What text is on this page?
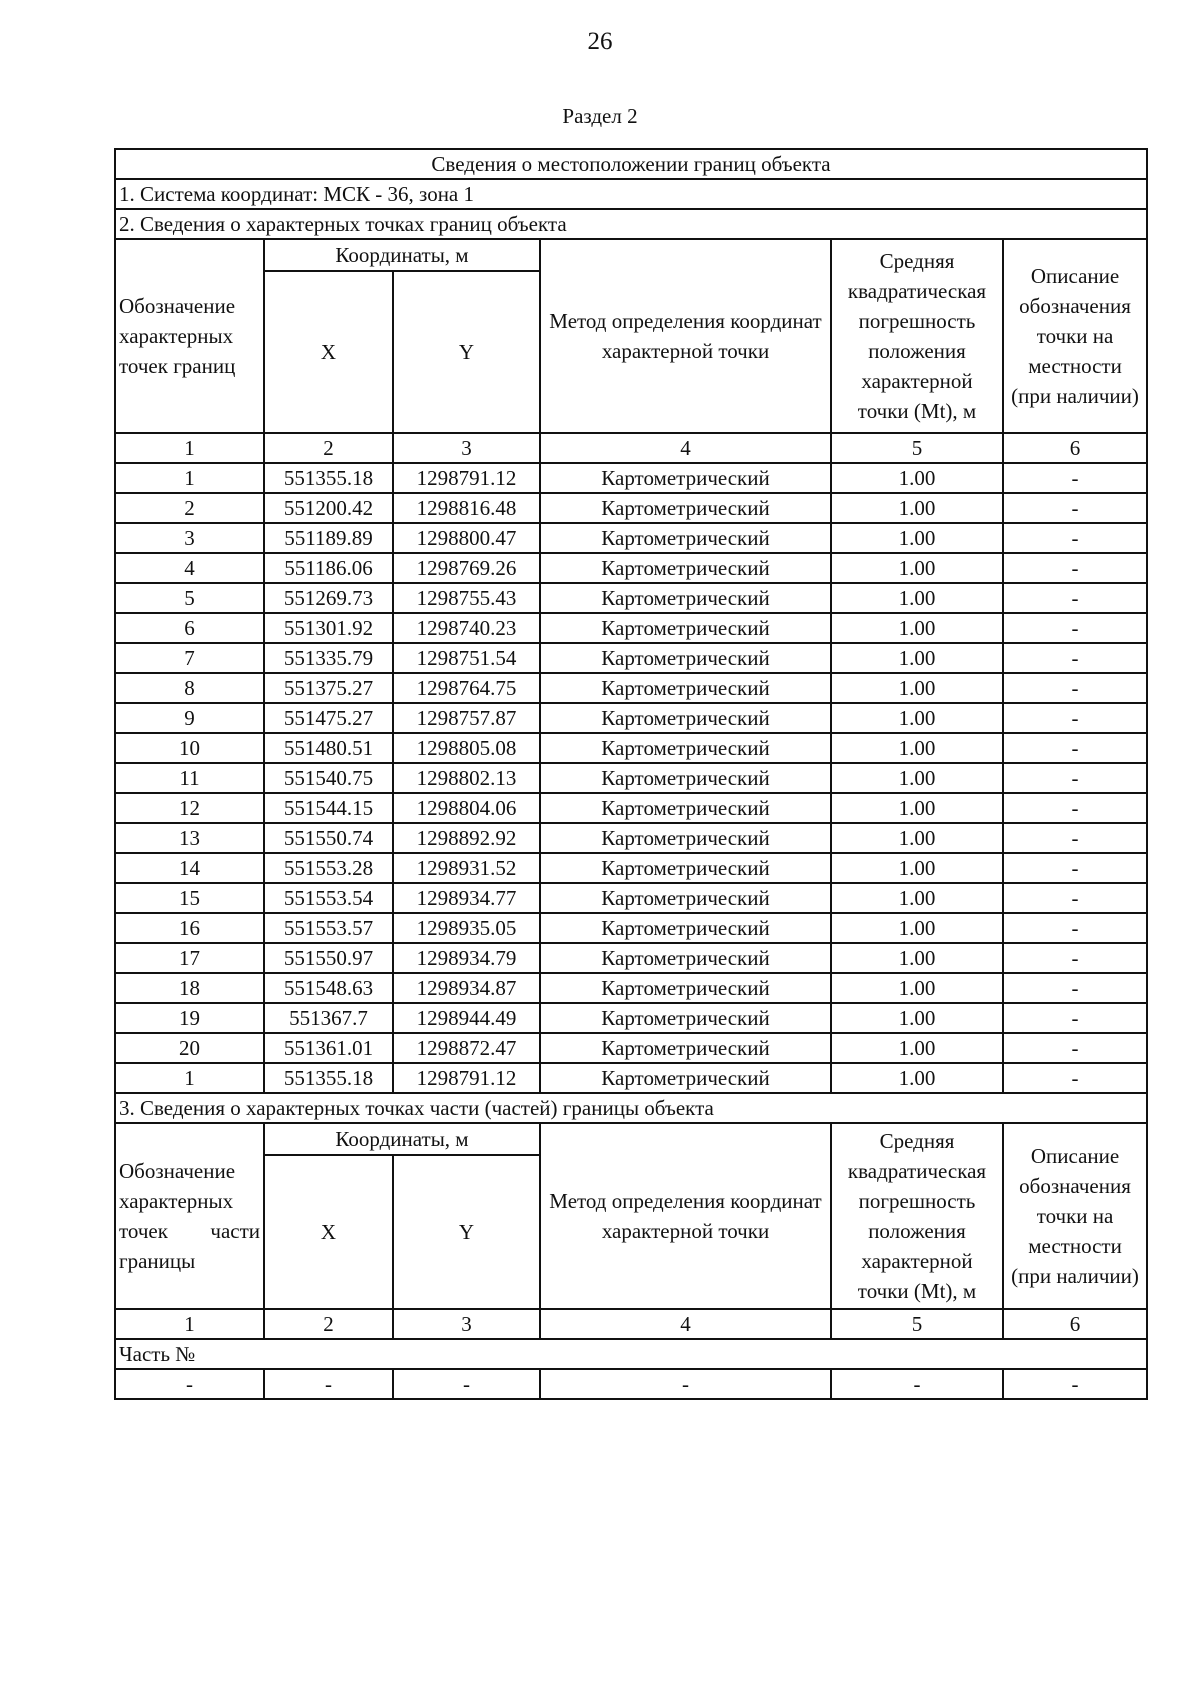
26
Раздел 2
Сведения о местоположении границ объекта					
1. Система координат: МСК - 36, зона 1					
2. Сведения о характерных точках границ объекта					
Обозначение характерных точек границ	Координаты, м		Метод определения координат характерной точки	Средняя квадратическая погрешность положения характерной точки (Mt), м	Описание обозначения точки на местности (при наличии)
	X	Y			
1	2	3	4	5	6
1	551355.18	1298791.12	Картометрический	1.00	-
2	551200.42	1298816.48	Картометрический	1.00	-
3	551189.89	1298800.47	Картометрический	1.00	-
4	551186.06	1298769.26	Картометрический	1.00	-
5	551269.73	1298755.43	Картометрический	1.00	-
6	551301.92	1298740.23	Картометрический	1.00	-
7	551335.79	1298751.54	Картометрический	1.00	-
8	551375.27	1298764.75	Картометрический	1.00	-
9	551475.27	1298757.87	Картометрический	1.00	-
10	551480.51	1298805.08	Картометрический	1.00	-
11	551540.75	1298802.13	Картометрический	1.00	-
12	551544.15	1298804.06	Картометрический	1.00	-
13	551550.74	1298892.92	Картометрический	1.00	-
14	551553.28	1298931.52	Картометрический	1.00	-
15	551553.54	1298934.77	Картометрический	1.00	-
16	551553.57	1298935.05	Картометрический	1.00	-
17	551550.97	1298934.79	Картометрический	1.00	-
18	551548.63	1298934.87	Картометрический	1.00	-
19	551367.7	1298944.49	Картометрический	1.00	-
20	551361.01	1298872.47	Картометрический	1.00	-
1	551355.18	1298791.12	Картометрический	1.00	-
3. Сведения о характерных точках части (частей) границы объекта					
Обозначение характерных точек части границы	Координаты, м		Метод определения координат характерной точки	Средняя квадратическая погрешность положения характерной точки (Mt), м	Описание обозначения точки на местности (при наличии)
	X	Y			
1	2	3	4	5	6
Часть №					
-	-	-	-	-	-
